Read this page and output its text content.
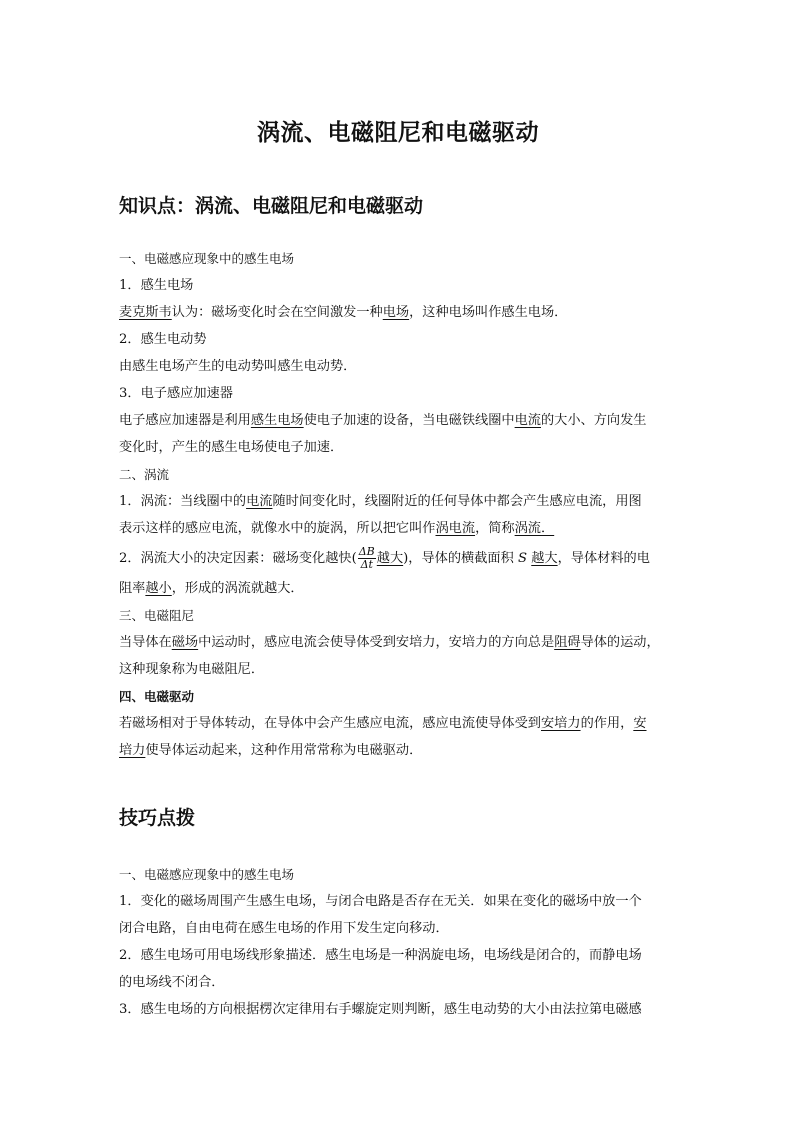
涡流、电磁阻尼和电磁驱动
知识点：涡流、电磁阻尼和电磁驱动
一、电磁感应现象中的感生电场
1．感生电场
麦克斯韦认为：磁场变化时会在空间激发一种电场，这种电场叫作感生电场．
2．感生电动势
由感生电场产生的电动势叫感生电动势．
3．电子感应加速器
电子感应加速器是利用感生电场使电子加速的设备，当电磁铁线圈中电流的大小、方向发生
变化时，产生的感生电场使电子加速．
二、涡流
1．涡流：当线圈中的电流随时间变化时，线圈附近的任何导体中都会产生感应电流，用图
表示这样的感应电流，就像水中的旋涡，所以把它叫作涡电流，简称涡流．
2．涡流大小的决定因素：磁场变化越快( $\frac{\Delta B}{\Delta t}$ 越大)，导体的横截面积 S 越大，导体材料的电
阻率越小，形成的涡流就越大．
三、电磁阻尼
当导体在磁场中运动时，感应电流会使导体受到安培力，安培力的方向总是阻碍导体的运动，
这种现象称为电磁阻尼．
四、电磁驱动
若磁场相对于导体转动，在导体中会产生感应电流，感应电流使导体受到安培力的作用，安
培力使导体运动起来，这种作用常常称为电磁驱动．
技巧点拨
一、电磁感应现象中的感生电场
1．变化的磁场周围产生感生电场，与闭合电路是否存在无关．如果在变化的磁场中放一个
闭合电路，自由电荷在感生电场的作用下发生定向移动．
2．感生电场可用电场线形象描述．感生电场是一种涡旋电场，电场线是闭合的，而静电场
的电场线不闭合．
3．感生电场的方向根据楞次定律用右手螺旋定则判断，感生电动势的大小由法拉第电磁感
